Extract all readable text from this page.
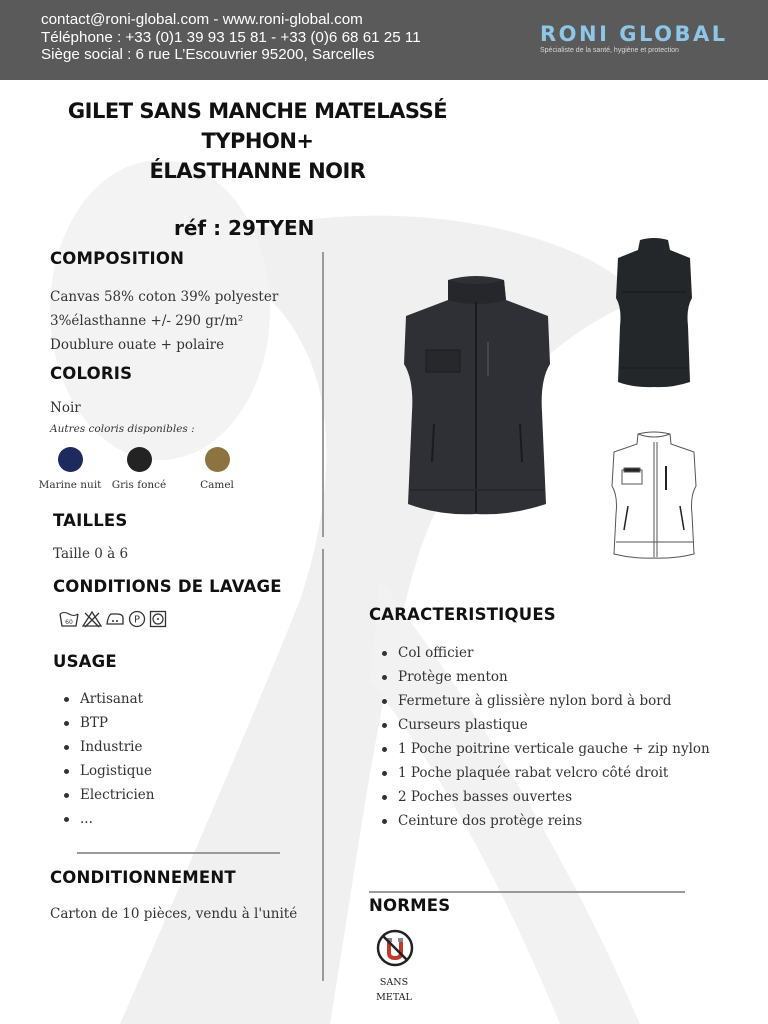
contact@roni-global.com - www.roni-global.com
Téléphone : +33 (0)1 39 93 15 81 - +33 (0)6 68 61 25 11
Siège social : 6 rue L’Escouvrier 95200, Sarcelles
RONI GLOBAL
Spécialiste de la santé, hygiène et protection
GILET SANS MANCHE MATELASSÉ
TYPHON+
ÉLASTHANNE NOIR
réf : 29TYEN
COMPOSITION
Canvas 58% coton 39% polyester
3%élasthanne +/- 290 gr/m²
Doublure ouate + polaire
COLORIS
Noir
Autres coloris disponibles :
Marine nuit Gris foncé	Camel
TAILLES
Taille 0 à 6
CONDITIONS DE LAVAGE
60	P
USAGE
Artisanat
BTP
Industrie
Logistique
Electricien
...
CONDITIONNEMENT
Carton de 10 pièces, vendu à l'unité
CARACTERISTIQUES
Col officier
Protège menton
Fermeture à glissière nylon bord à bord
Curseurs plastique
1 Poche poitrine verticale gauche + zip nylon
1 Poche plaquée rabat velcro côté droit
2 Poches basses ouvertes
Ceinture dos protège reins
NORMES
SANS
METAL
